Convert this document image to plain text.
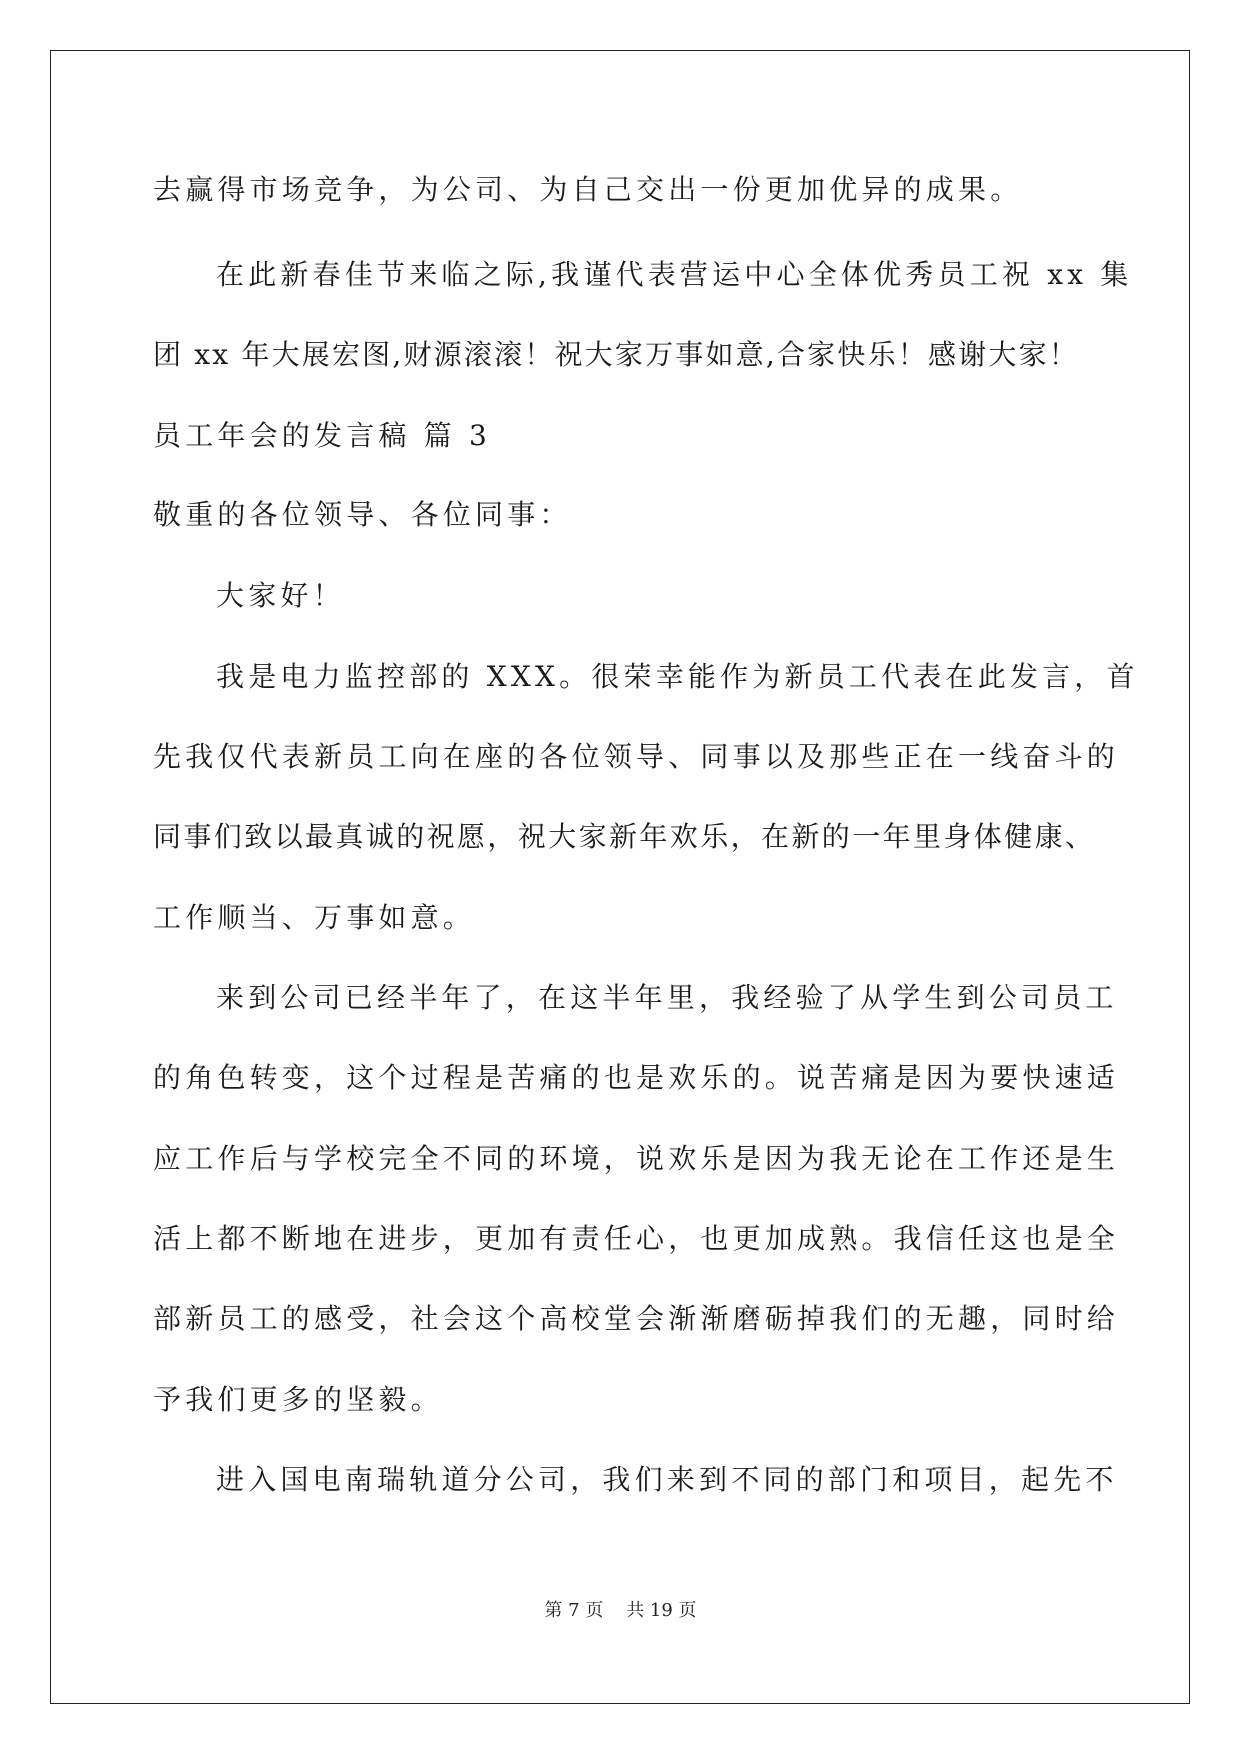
去赢得市场竞争，为公司、为自己交出一份更加优异的成果。
在此新春佳节来临之际,我谨代表营运中心全体优秀员工祝 xx 集
团 xx 年大展宏图,财源滚滚！祝大家万事如意,合家快乐！感谢大家！
员工年会的发言稿 篇 3
敬重的各位领导、各位同事：
大家好！
我是电力监控部的 XXX。很荣幸能作为新员工代表在此发言，首
先我仅代表新员工向在座的各位领导、同事以及那些正在一线奋斗的
同事们致以最真诚的祝愿，祝大家新年欢乐，在新的一年里身体健康、
工作顺当、万事如意。
来到公司已经半年了，在这半年里，我经验了从学生到公司员工
的角色转变，这个过程是苦痛的也是欢乐的。说苦痛是因为要快速适
应工作后与学校完全不同的环境，说欢乐是因为我无论在工作还是生
活上都不断地在进步，更加有责任心，也更加成熟。我信任这也是全
部新员工的感受，社会这个高校堂会渐渐磨砺掉我们的无趣，同时给
予我们更多的坚毅。
进入国电南瑞轨道分公司，我们来到不同的部门和项目，起先不
第 7 页    共 19 页
